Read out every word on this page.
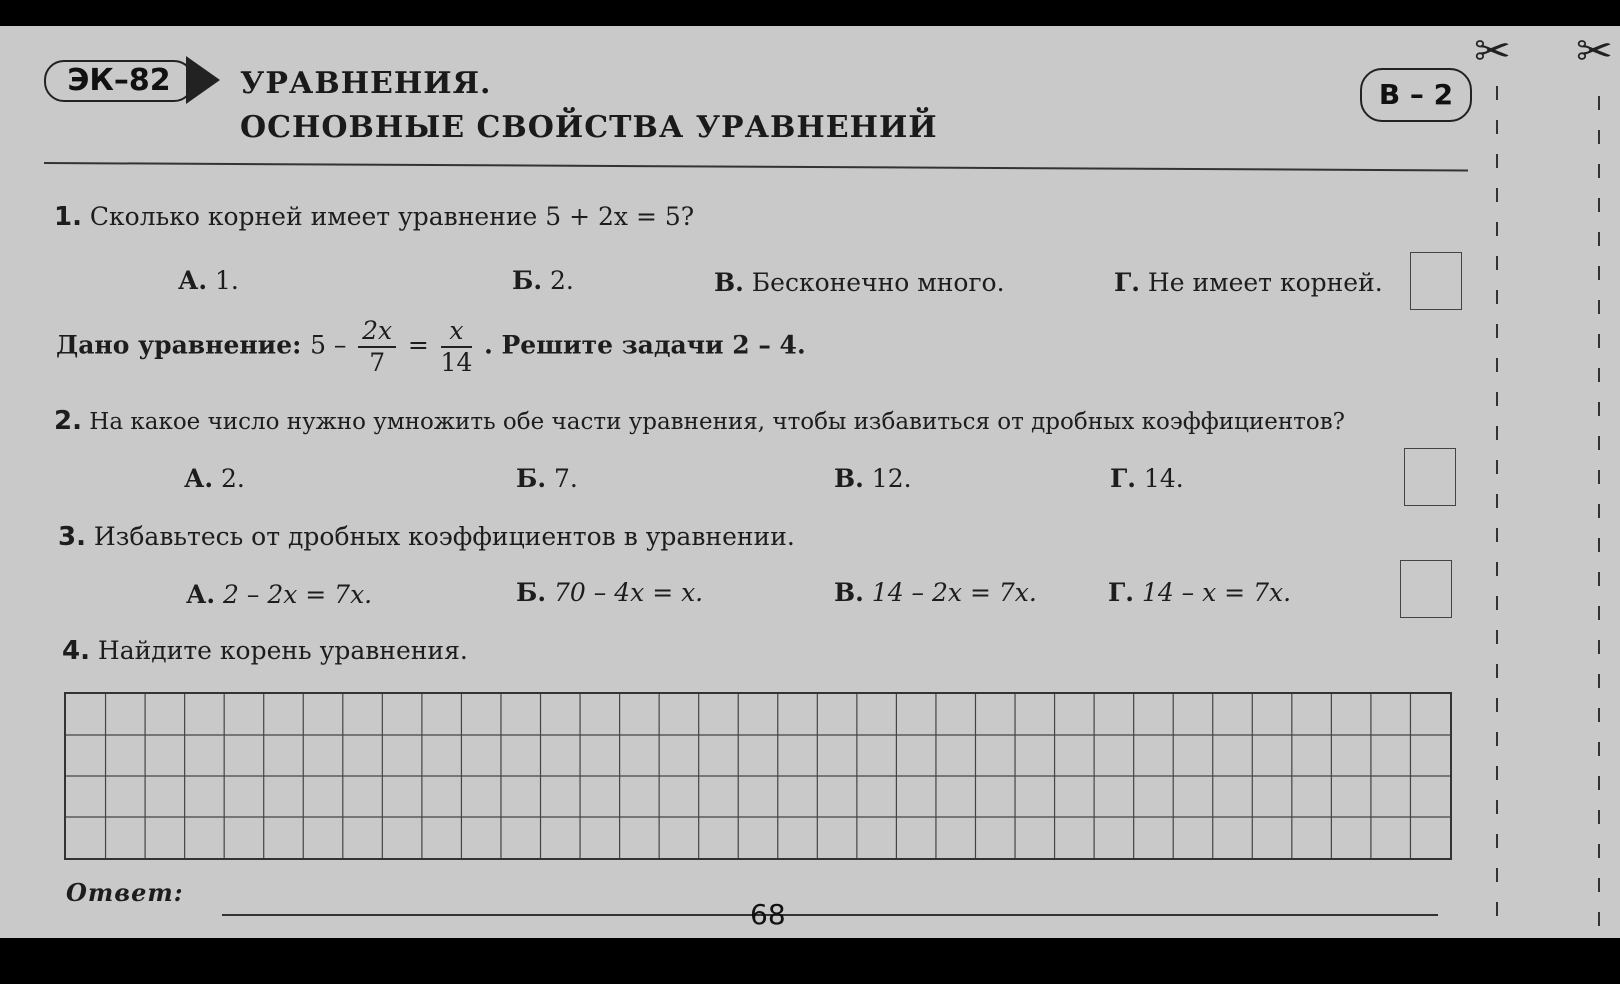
ЭК–82	УРАВНЕНИЯ.
ОСНОВНЫЕ СВОЙСТВА УРАВНЕНИЙ
В – 2
1. Сколько корней имеет уравнение 5 + 2x = 5?
А. 1.	Б. 2.	В. Бесконечно много.	Г. Не имеет корней.
Дано уравнение: $5 - \frac{2x}{7} = \frac{x}{14}$ . Решите задачи 2 – 4.
2. На какое число нужно умножить обе части уравнения, чтобы избавиться от дробных коэффициентов?
А. 2.	Б. 7.	В. 12.	Г. 14.
3. Избавьтесь от дробных коэффициентов в уравнении.
А. 2 – 2x = 7x.	Б. 70 – 4x = x.	В. 14 – 2x = 7x.	Г. 14 – x = 7x.
4. Найдите корень уравнения.
Ответ:
68
✂ ✂
